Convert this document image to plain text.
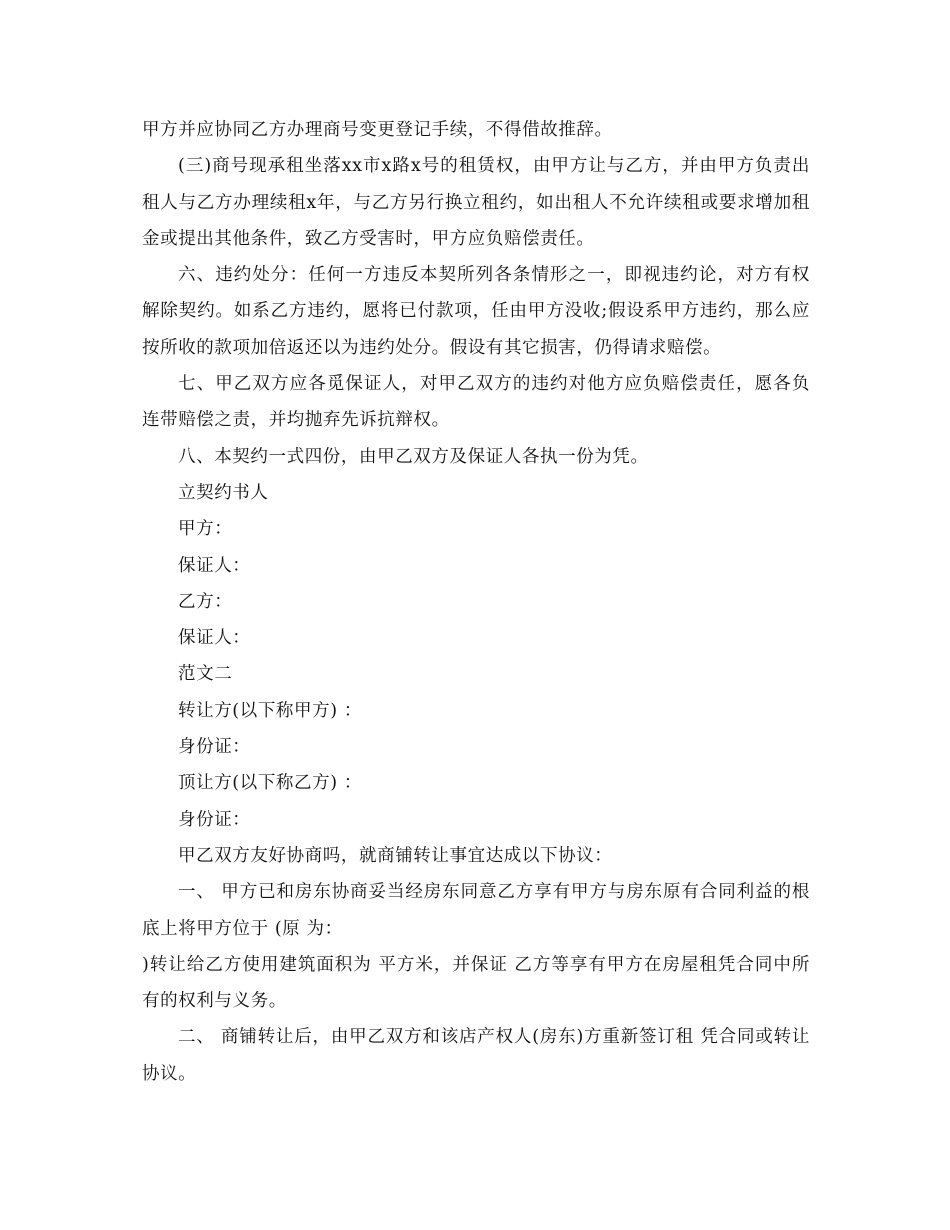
甲方并应协同乙方办理商号变更登记手续，不得借故推辞。

(三)商号现承租坐落xx市x路x号的租赁权，由甲方让与乙方，并由甲方负责出租人与乙方办理续租x年，与乙方另行换立租约，如出租人不允许续租或要求增加租金或提出其他条件，致乙方受害时，甲方应负赔偿责任。

六、违约处分：任何一方违反本契所列各条情形之一，即视违约论，对方有权解除契约。如系乙方违约，愿将已付款项，任由甲方没收;假设系甲方违约，那么应按所收的款项加倍返还以为违约处分。假设有其它损害，仍得请求赔偿。

七、甲乙双方应各觅保证人，对甲乙双方的违约对他方应负赔偿责任，愿各负连带赔偿之责，并均抛弃先诉抗辩权。

八、本契约一式四份，由甲乙双方及保证人各执一份为凭。

立契约书人

甲方：

保证人：

乙方：

保证人：

范文二

转让方(以下称甲方) ：

身份证：

顶让方(以下称乙方) ：

身份证：

甲乙双方友好协商吗，就商铺转让事宜达成以下协议：

一、 甲方已和房东协商妥当经房东同意乙方享有甲方与房东原有合同利益的根底上将甲方位于 (原 为：

)转让给乙方使用建筑面积为 平方米，并保证 乙方等享有甲方在房屋租凭合同中所有的权利与义务。

二、 商铺转让后，由甲乙双方和该店产权人(房东)方重新签订租 凭合同或转让协议。
